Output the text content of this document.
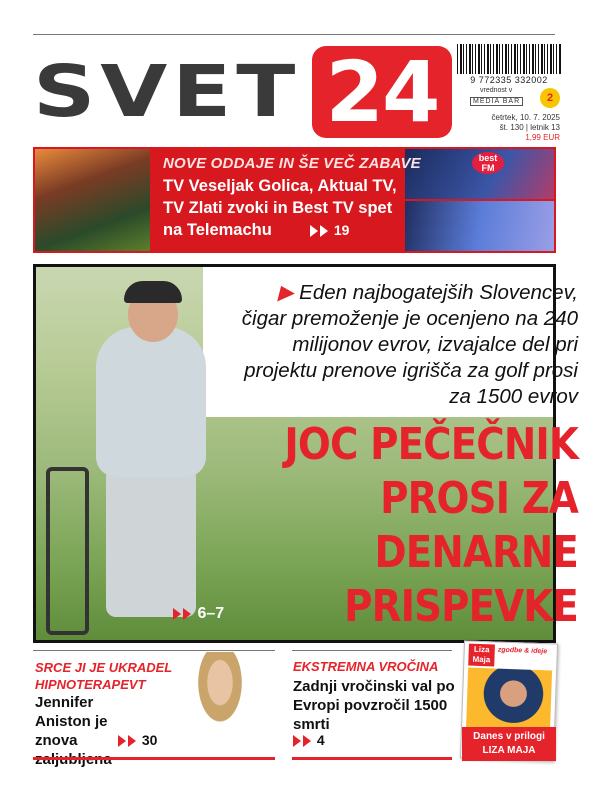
SVET 24	9 772335 332002
vrednost v
MEDIA BAR	2
četrtek, 10. 7. 2025
št. 130 | letnik 13
1,99 EUR
best FM
NOVE ODDAJE IN ŠE VEČ ZABAVE
TV Veseljak Golica, Aktual TV, TV Zlati zvoki in Best TV spet na Telemachu	19
▶ Eden najbogatejših Slovencev, čigar premoženje je ocenjeno na 240 milijonov evrov, izvajalce del pri projektu prenove igrišča za golf prosi za 1500 evrov
JOC PEČEČNIK
PROSI ZA
DENARNE
PRISPEVKE
6–7
SRCE JI JE UKRADEL HIPNOTERAPEVT
Jennifer Aniston je znova	30
EKSTREMNA VROČINA
Zadnji vročinski val po Evropi povzročil 1500 smrti
4
Liza Maja
zgodbe & ideje
Danes v prilogi
LIZA MAJA
